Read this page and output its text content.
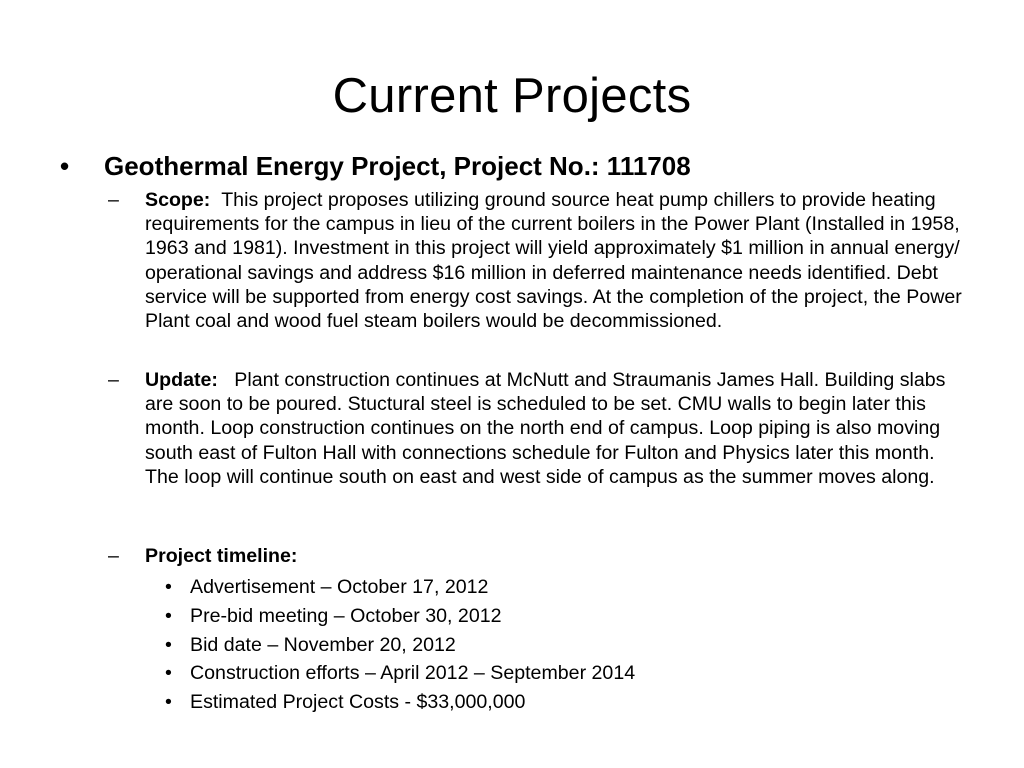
Current Projects
•	Geothermal Energy Project, Project No.: 111708
– Scope: This project proposes utilizing ground source heat pump chillers to provide heating requirements for the campus in lieu of the current boilers in the Power Plant (Installed in 1958, 1963 and 1981). Investment in this project will yield approximately $1 million in annual energy/ operational savings and address $16 million in deferred maintenance needs identified. Debt service will be supported from energy cost savings. At the completion of the project, the Power Plant coal and wood fuel steam boilers would be decommissioned.
– Update: Plant construction continues at McNutt and Straumanis James Hall. Building slabs are soon to be poured. Stuctural steel is scheduled to be set. CMU walls to begin later this month. Loop construction continues on the north end of campus. Loop piping is also moving south east of Fulton Hall with connections schedule for Fulton and Physics later this month. The loop will continue south on east and west side of campus as the summer moves along.
– Project timeline:
• Advertisement – October 17, 2012
• Pre-bid meeting – October 30, 2012
• Bid date – November 20, 2012
• Construction efforts – April 2012 – September 2014
• Estimated Project Costs - $33,000,000
